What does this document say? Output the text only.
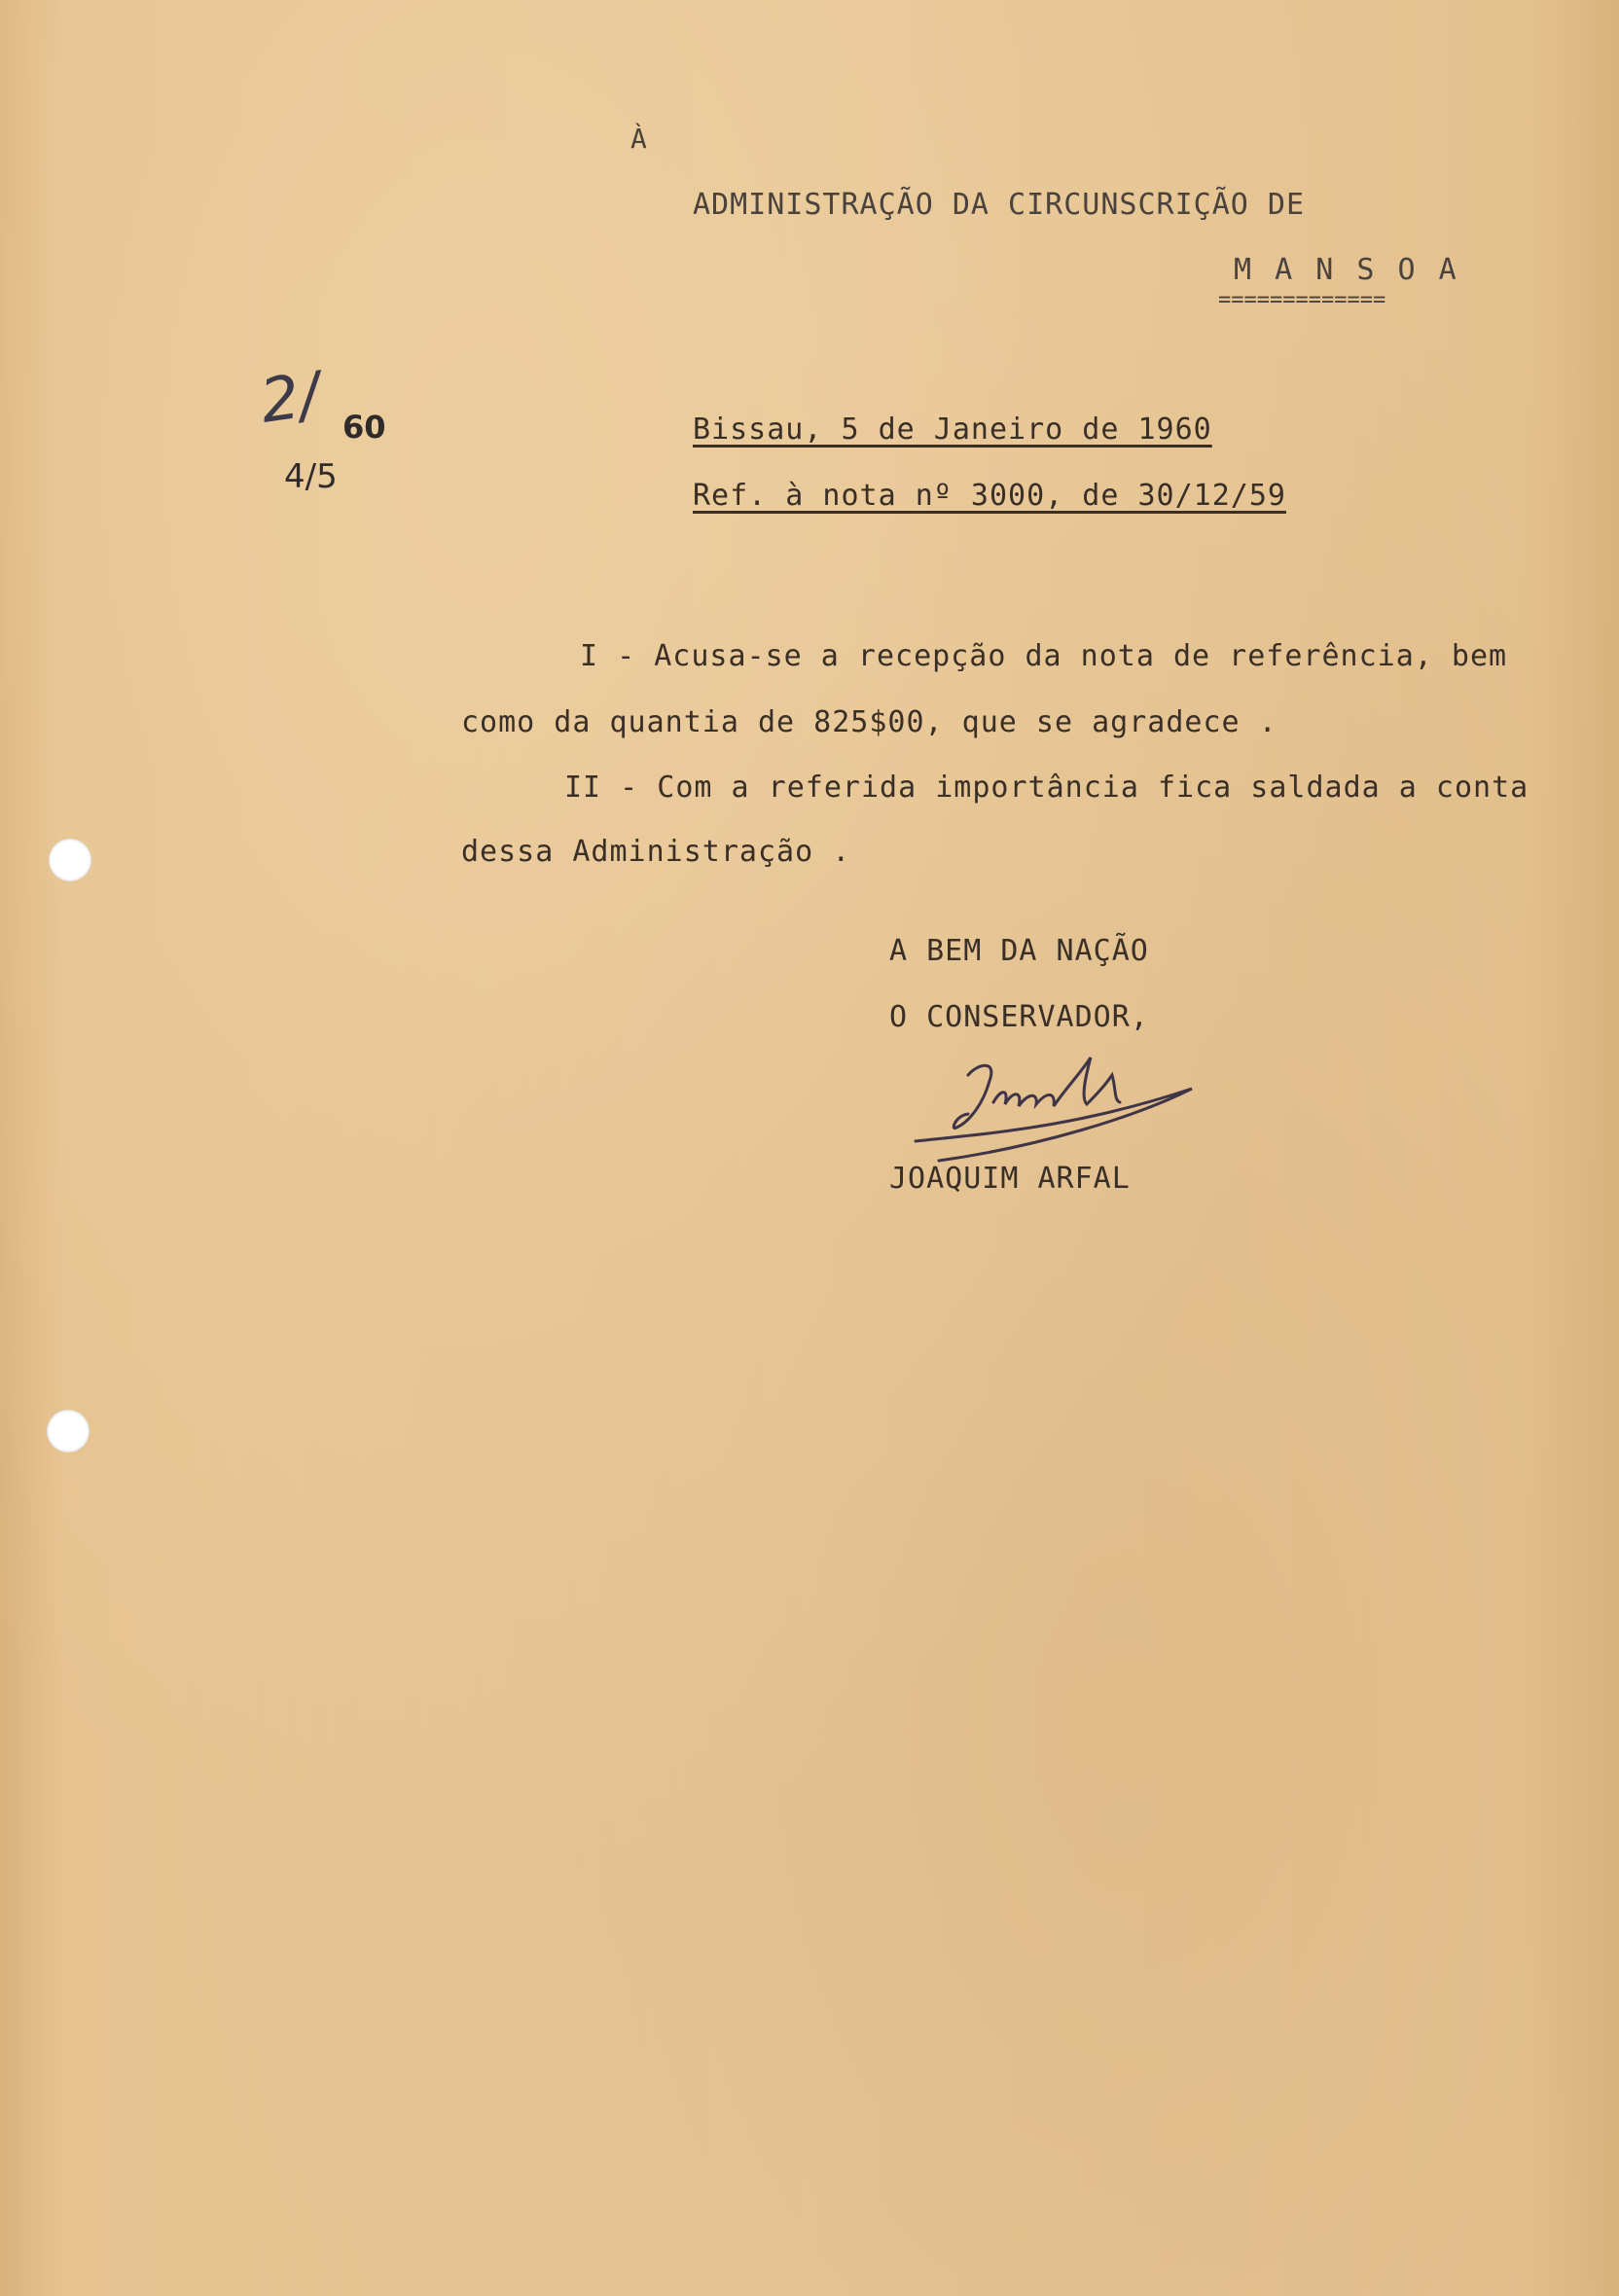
À
ADMINISTRAÇÃO DA CIRCUNSCRIÇÃO DE
M A N S O A
=============
2/ 60
4/5
Bissau, 5 de Janeiro de 1960
Ref. à nota nº 3000, de 30/12/59
I - Acusa-se a recepção da nota de referência, bem
como da quantia de 825$00, que se agradece .
II - Com a referida importância fica saldada a conta
dessa Administração .
A BEM DA NAÇÃO
O CONSERVADOR,
JOAQUIM ARFAL
